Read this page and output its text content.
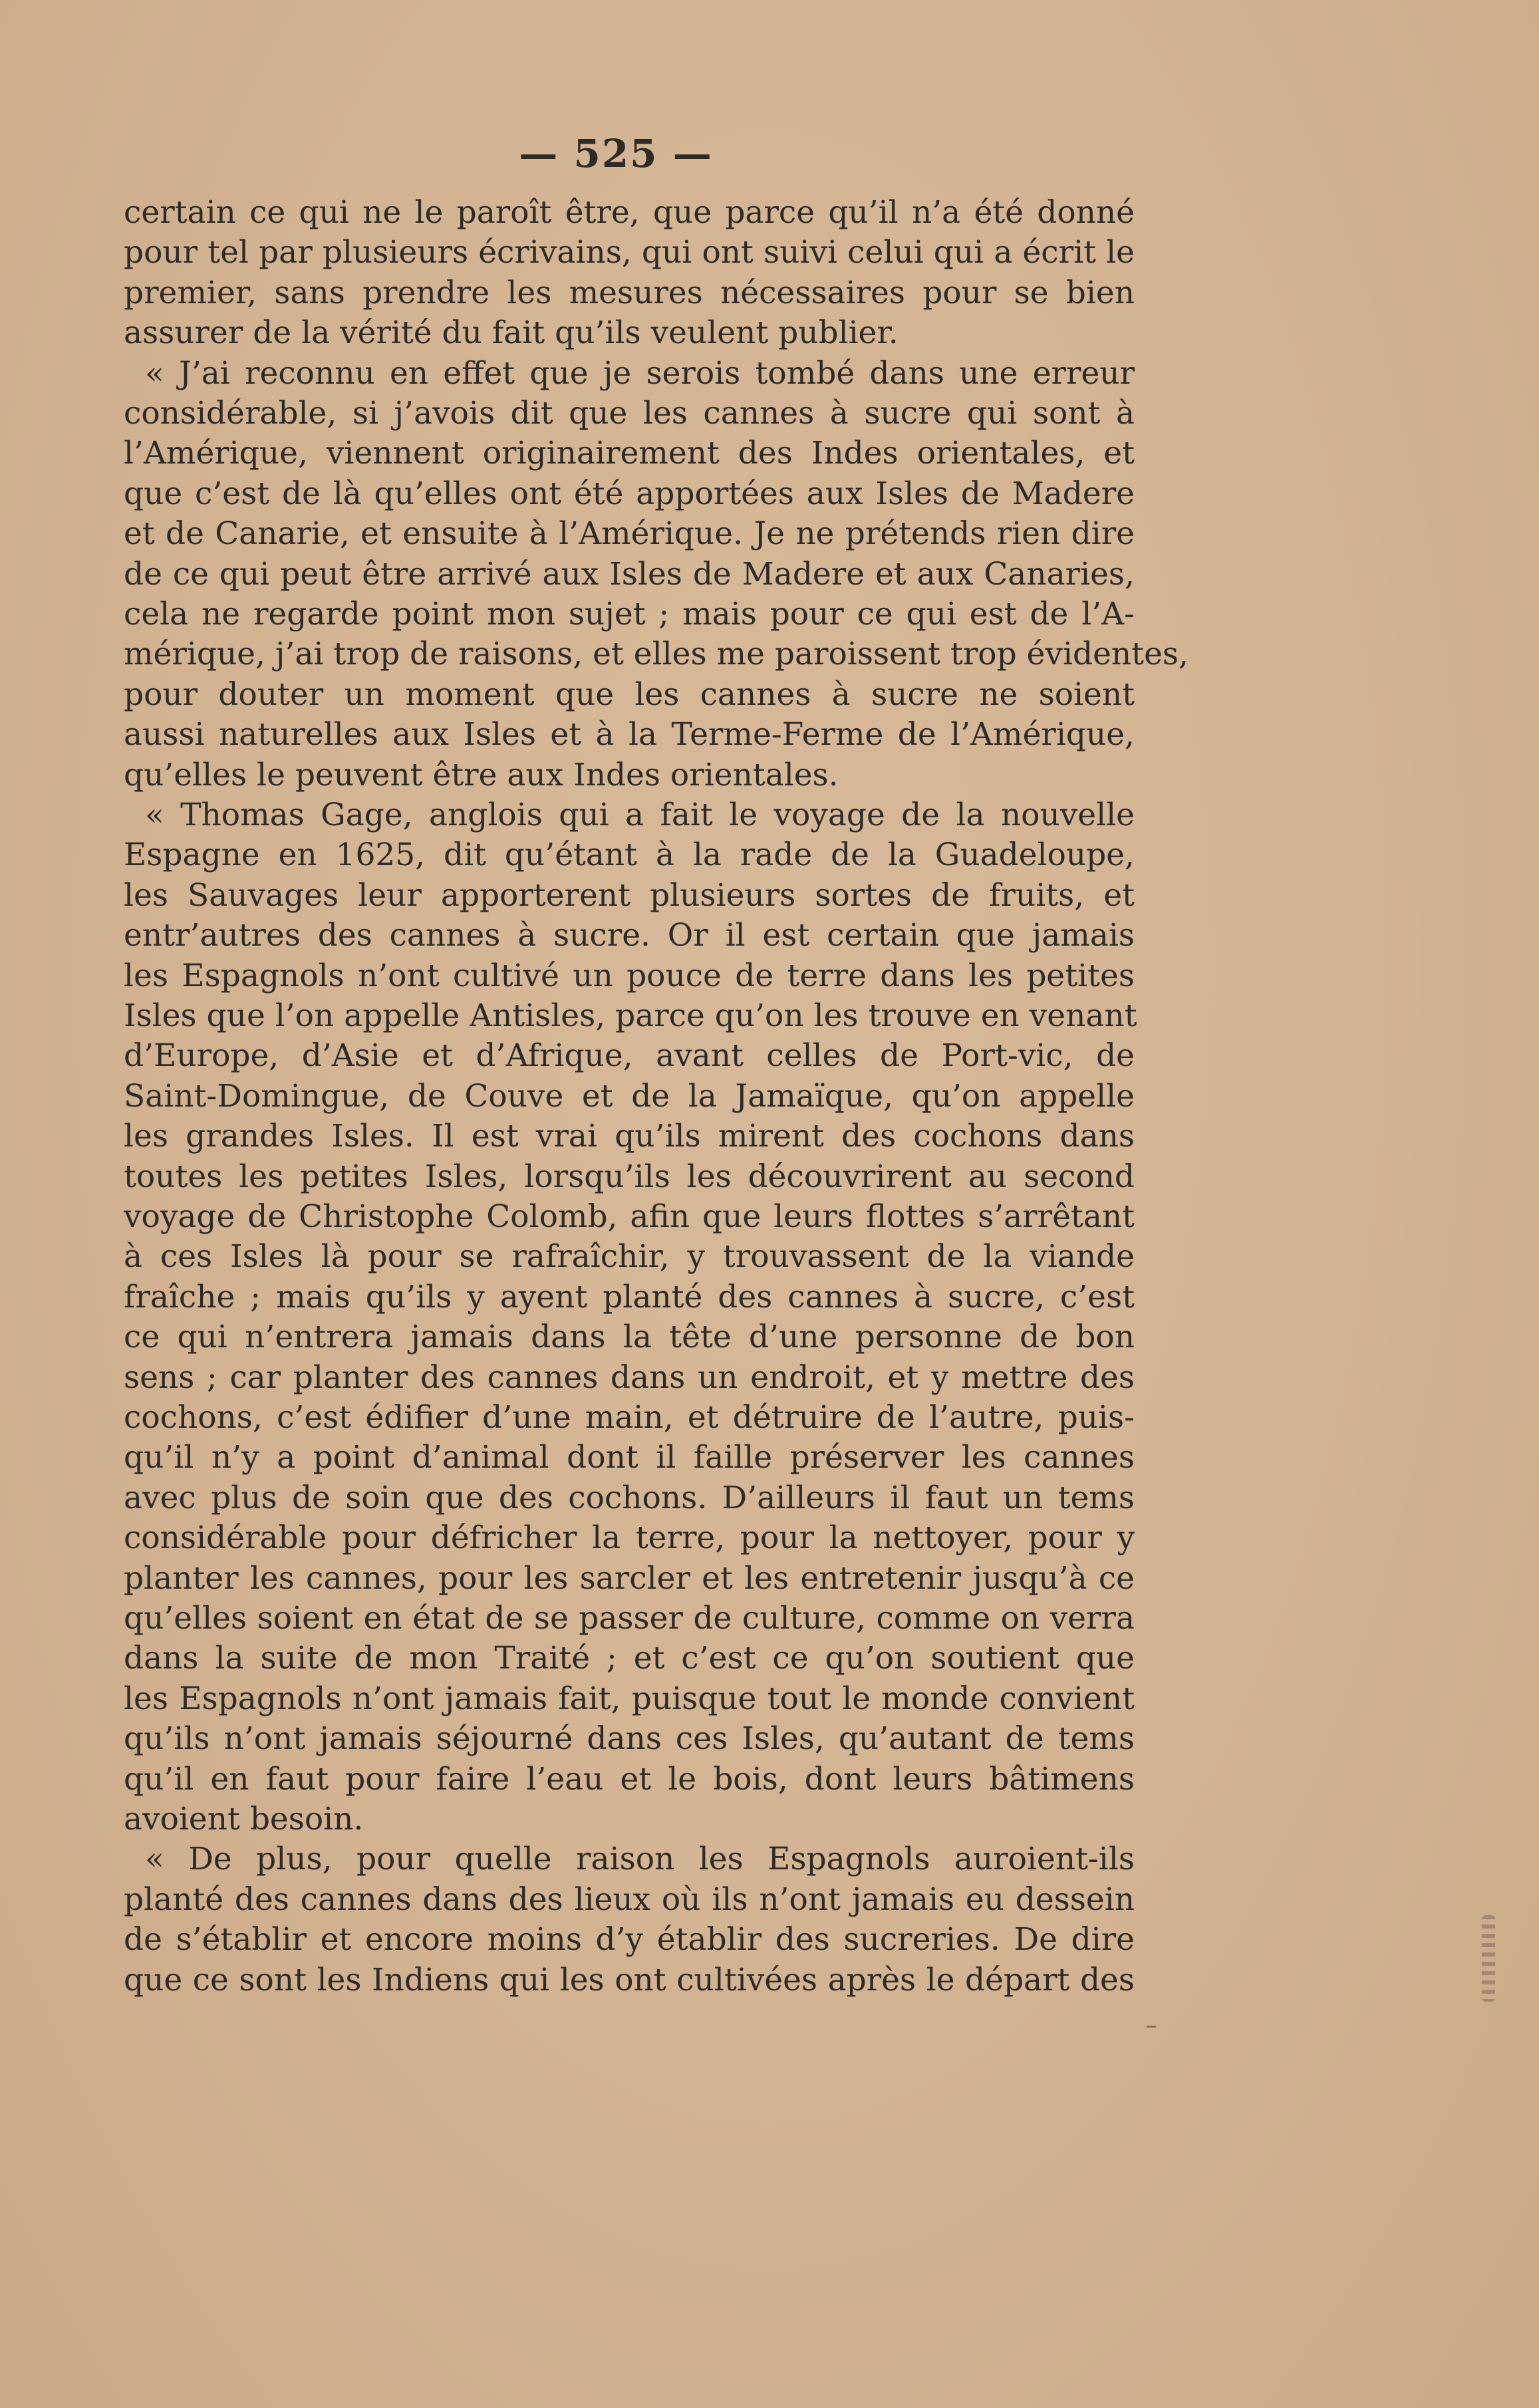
— 525 —
certain ce qui ne le paroît être, que parce qu’il n’a été donné
pour tel par plusieurs écrivains, qui ont suivi celui qui a écrit le
premier, sans prendre les mesures nécessaires pour se bien
assurer de la vérité du fait qu’ils veulent publier.
« J’ai reconnu en effet que je serois tombé dans une erreur
considérable, si j’avois dit que les cannes à sucre qui sont à
l’Amérique, viennent originairement des Indes orientales, et
que c’est de là qu’elles ont été apportées aux Isles de Madere
et de Canarie, et ensuite à l’Amérique. Je ne prétends rien dire
de ce qui peut être arrivé aux Isles de Madere et aux Canaries,
cela ne regarde point mon sujet ; mais pour ce qui est de l’A-
mérique, j’ai trop de raisons, et elles me paroissent trop évidentes,
pour douter un moment que les cannes à sucre ne soient
aussi naturelles aux Isles et à la Terme-Ferme de l’Amérique,
qu’elles le peuvent être aux Indes orientales.
« Thomas Gage, anglois qui a fait le voyage de la nouvelle
Espagne en 1625, dit qu’étant à la rade de la Guadeloupe,
les Sauvages leur apporterent plusieurs sortes de fruits, et
entr’autres des cannes à sucre. Or il est certain que jamais
les Espagnols n’ont cultivé un pouce de terre dans les petites
Isles que l’on appelle Antisles, parce qu’on les trouve en venant
d’Europe, d’Asie et d’Afrique, avant celles de Port-vic, de
Saint-Domingue, de Couve et de la Jamaïque, qu’on appelle
les grandes Isles. Il est vrai qu’ils mirent des cochons dans
toutes les petites Isles, lorsqu’ils les découvrirent au second
voyage de Christophe Colomb, afin que leurs flottes s’arrêtant
à ces Isles là pour se rafraîchir, y trouvassent de la viande
fraîche ; mais qu’ils y ayent planté des cannes à sucre, c’est
ce qui n’entrera jamais dans la tête d’une personne de bon
sens ; car planter des cannes dans un endroit, et y mettre des
cochons, c’est édifier d’une main, et détruire de l’autre, puis-
qu’il n’y a point d’animal dont il faille préserver les cannes
avec plus de soin que des cochons. D’ailleurs il faut un tems
considérable pour défricher la terre, pour la nettoyer, pour y
planter les cannes, pour les sarcler et les entretenir jusqu’à ce
qu’elles soient en état de se passer de culture, comme on verra
dans la suite de mon Traité ; et c’est ce qu’on soutient que
les Espagnols n’ont jamais fait, puisque tout le monde convient
qu’ils n’ont jamais séjourné dans ces Isles, qu’autant de tems
qu’il en faut pour faire l’eau et le bois, dont leurs bâtimens
avoient besoin.
« De plus, pour quelle raison les Espagnols auroient-ils
planté des cannes dans des lieux où ils n’ont jamais eu dessein
de s’établir et encore moins d’y établir des sucreries. De dire
que ce sont les Indiens qui les ont cultivées après le départ des
